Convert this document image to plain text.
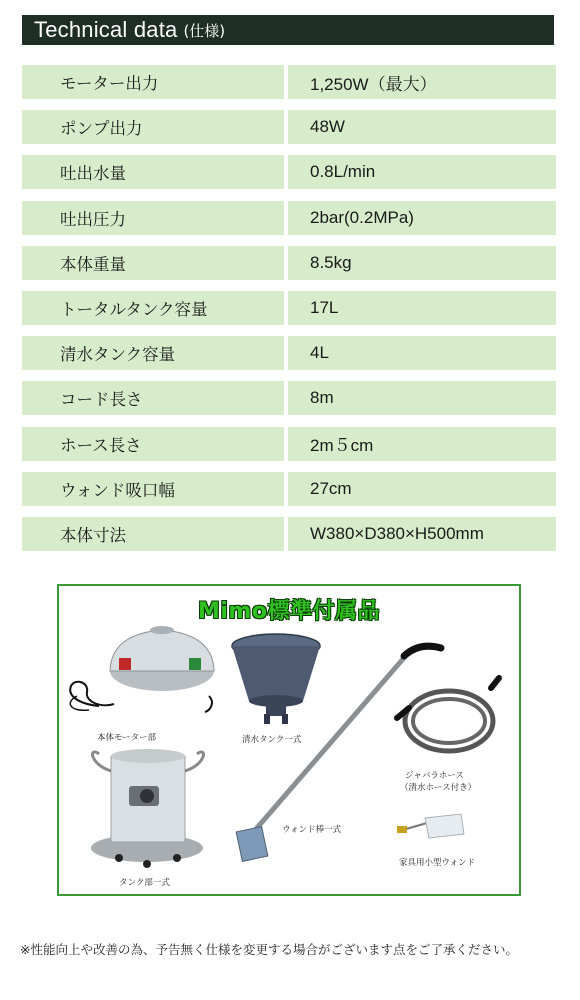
Technical data (仕様)
モーター出力	1,250W（最大）
ポンプ出力	48W
吐出水量	0.8L/min
吐出圧力	2bar(0.2MPa)
本体重量	8.5kg
トータルタンク容量	17L
清水タンク容量	4L
コード長さ	8m
ホース長さ	2m５cm
ウォンド吸口幅	27cm
本体寸法	W380×D380×H500mm
Mimo標準付属品
本体モーター部	清水タンク一式
ジャバラホース
（清水ホース付き）
ウォンド棒一式
タンク部一式
家具用小型ウォンド
※性能向上や改善の為、予告無く仕様を変更する場合がございます点をご了承ください。
